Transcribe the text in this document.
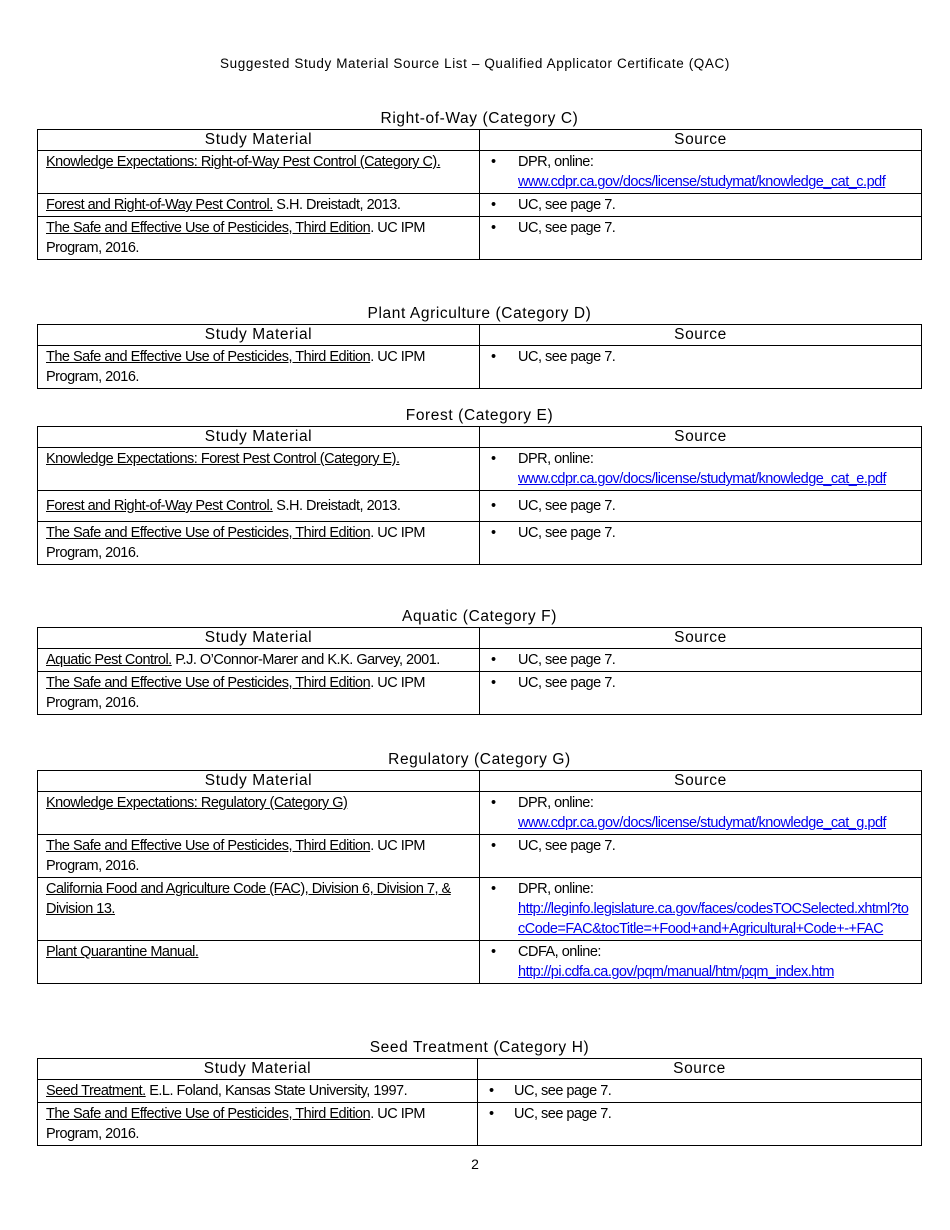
Suggested Study Material Source List – Qualified Applicator Certificate (QAC)
Right-of-Way (Category C)
Study Material	Source
Knowledge Expectations: Right-of-Way Pest Control (Category C).	• DPR, online:
www.cdpr.ca.gov/docs/license/studymat/knowledge_cat_c.pdf

Forest and Right-of-Way Pest Control. S.H. Dreistadt, 2013.	• UC, see page 7.

The Safe and Effective Use of Pesticides, Third Edition. UC IPM Program, 2016.	• UC, see page 7.
Plant Agriculture (Category D)
Study Material	Source
The Safe and Effective Use of Pesticides, Third Edition. UC IPM Program, 2016.	• UC, see page 7.
Forest (Category E)
Study Material	Source
Knowledge Expectations: Forest Pest Control (Category E).	• DPR, online:
www.cdpr.ca.gov/docs/license/studymat/knowledge_cat_e.pdf

Forest and Right-of-Way Pest Control. S.H. Dreistadt, 2013.	• UC, see page 7.

The Safe and Effective Use of Pesticides, Third Edition. UC IPM Program, 2016.	• UC, see page 7.
Aquatic (Category F)
Study Material	Source
Aquatic Pest Control. P.J. O’Connor-Marer and K.K. Garvey, 2001.	• UC, see page 7.

The Safe and Effective Use of Pesticides, Third Edition. UC IPM Program, 2016.	• UC, see page 7.
Regulatory (Category G)
Study Material	Source
Knowledge Expectations: Regulatory (Category G)	• DPR, online:
www.cdpr.ca.gov/docs/license/studymat/knowledge_cat_g.pdf

The Safe and Effective Use of Pesticides, Third Edition. UC IPM Program, 2016.	• UC, see page 7.

California Food and Agriculture Code (FAC), Division 6, Division 7, & Division 13.	• DPR, online:
http://leginfo.legislature.ca.gov/faces/codesTOCSelected.xhtml?tocCode=FAC&tocTitle=+Food+and+Agricultural+Code+-+FAC

Plant Quarantine Manual.	• CDFA, online:
http://pi.cdfa.ca.gov/pqm/manual/htm/pqm_index.htm
Seed Treatment (Category H)
Study Material	Source
Seed Treatment. E.L. Foland, Kansas State University, 1997.	• UC, see page 7.

The Safe and Effective Use of Pesticides, Third Edition. UC IPM Program, 2016.	• UC, see page 7.
2
